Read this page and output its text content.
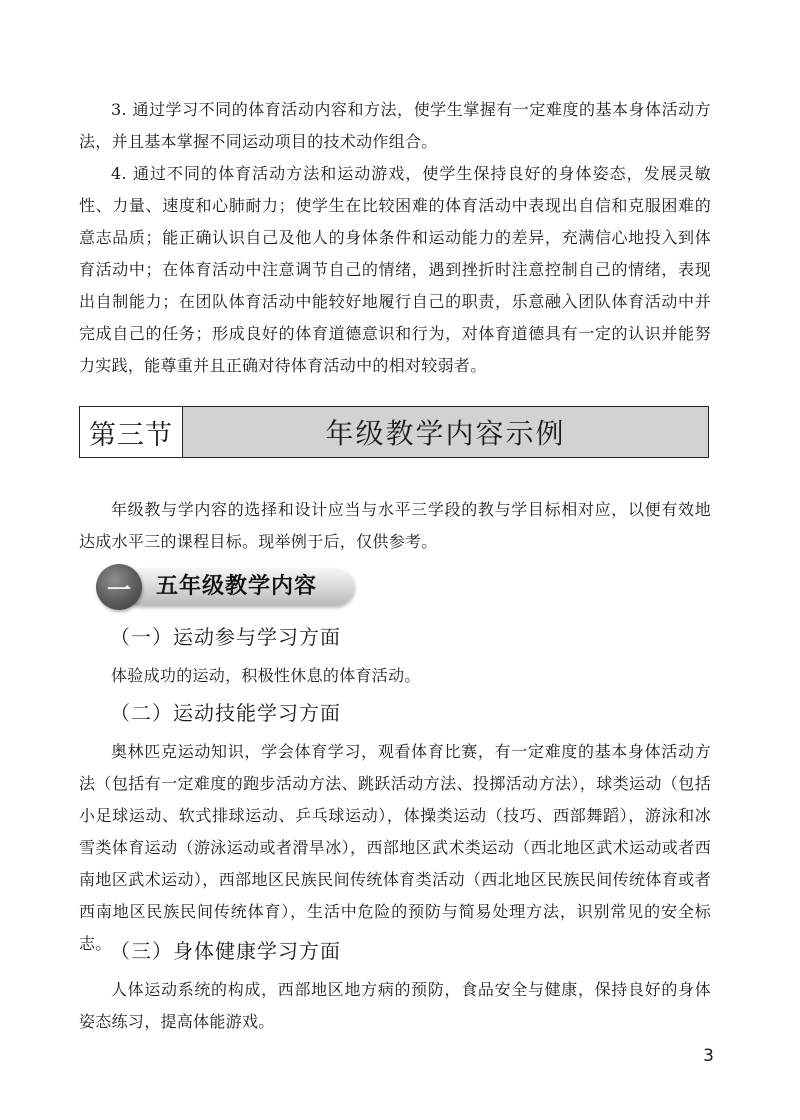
3. 通过学习不同的体育活动内容和方法，使学生掌握有一定难度的基本身体活动方法，并且基本掌握不同运动项目的技术动作组合。

4. 通过不同的体育活动方法和运动游戏，使学生保持良好的身体姿态，发展灵敏性、力量、速度和心肺耐力；使学生在比较困难的体育活动中表现出自信和克服困难的意志品质；能正确认识自己及他人的身体条件和运动能力的差异，充满信心地投入到体育活动中；在体育活动中注意调节自己的情绪，遇到挫折时注意控制自己的情绪，表现出自制能力；在团队体育活动中能较好地履行自己的职责，乐意融入团队体育活动中并完成自己的任务；形成良好的体育道德意识和行为，对体育道德具有一定的认识并能努力实践，能尊重并且正确对待体育活动中的相对较弱者。

第三节	年级教学内容示例

年级教与学内容的选择和设计应当与水平三学段的教与学目标相对应，以便有效地达成水平三的课程目标。现举例于后，仅供参考。

一	五年级教学内容
（一）运动参与学习方面

体验成功的运动，积极性休息的体育活动。

（二）运动技能学习方面

奥林匹克运动知识，学会体育学习，观看体育比赛，有一定难度的基本身体活动方法（包括有一定难度的跑步活动方法、跳跃活动方法、投掷活动方法），球类运动（包括小足球运动、软式排球运动、乒乓球运动），体操类运动（技巧、西部舞蹈），游泳和冰雪类体育运动（游泳运动或者滑旱冰），西部地区武术类运动（西北地区武术运动或者西南地区武术运动），西部地区民族民间传统体育类活动（西北地区民族民间传统体育或者西南地区民族民间传统体育），生活中危险的预防与简易处理方法，识别常见的安全标志。

（三）身体健康学习方面

人体运动系统的构成，西部地区地方病的预防，食品安全与健康，保持良好的身体姿态练习，提高体能游戏。

3
